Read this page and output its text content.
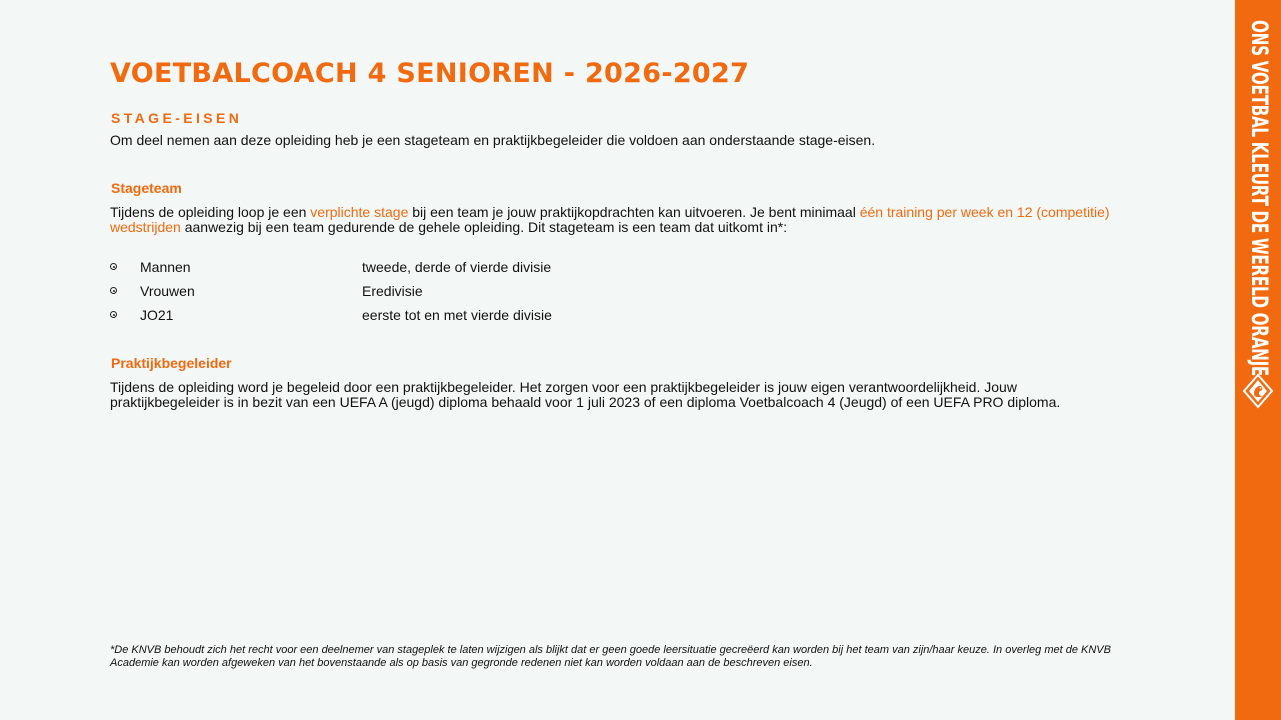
VOETBALCOACH 4 SENIOREN - 2026-2027
STAGE-EISEN
Om deel nemen aan deze opleiding heb je een stageteam en praktijkbegeleider die voldoen aan onderstaande stage-eisen.
Stageteam
Tijdens de opleiding loop je een verplichte stage bij een team je jouw praktijkopdrachten kan uitvoeren. Je bent minimaal één training per week en 12 (competitie) wedstrijden aanwezig bij een team gedurende de gehele opleiding. Dit stageteam is een team dat uitkomt in*:
Mannen	tweede, derde of vierde divisie
Vrouwen	Eredivisie
JO21	eerste tot en met vierde divisie
Praktijkbegeleider
Tijdens de opleiding word je begeleid door een praktijkbegeleider. Het zorgen voor een praktijkbegeleider is jouw eigen verantwoordelijkheid. Jouw praktijkbegeleider is in bezit van een UEFA A (jeugd) diploma behaald voor 1 juli 2023 of een diploma Voetbalcoach 4 (Jeugd) of een UEFA PRO diploma.
*De KNVB behoudt zich het recht voor een deelnemer van stageplek te laten wijzigen als blijkt dat er geen goede leersituatie gecreëerd kan worden bij het team van zijn/haar keuze. In overleg met de KNVB Academie kan worden afgeweken van het bovenstaande als op basis van gegronde redenen niet kan worden voldaan aan de beschreven eisen.
ONS VOETBAL KLEURT DE WERELD ORANJE
